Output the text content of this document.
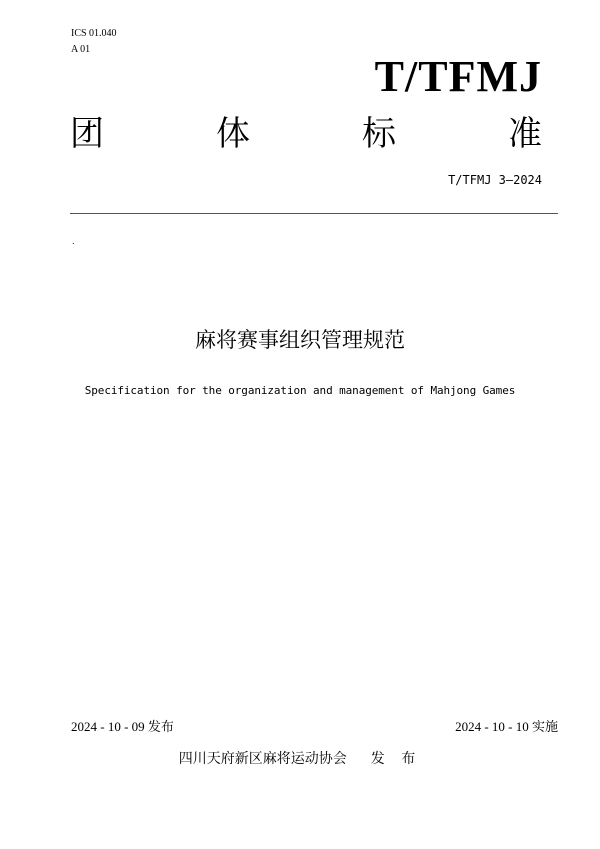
ICS 01.040
A 01
T/TFMJ
团	体	标	准
T/TFMJ 3—2024
.
麻将赛事组织管理规范
Specification for the organization and management of Mahjong Games
2024 - 10 - 09 发布	2024 - 10 - 10 实施
四川天府新区麻将运动协会 发 布
